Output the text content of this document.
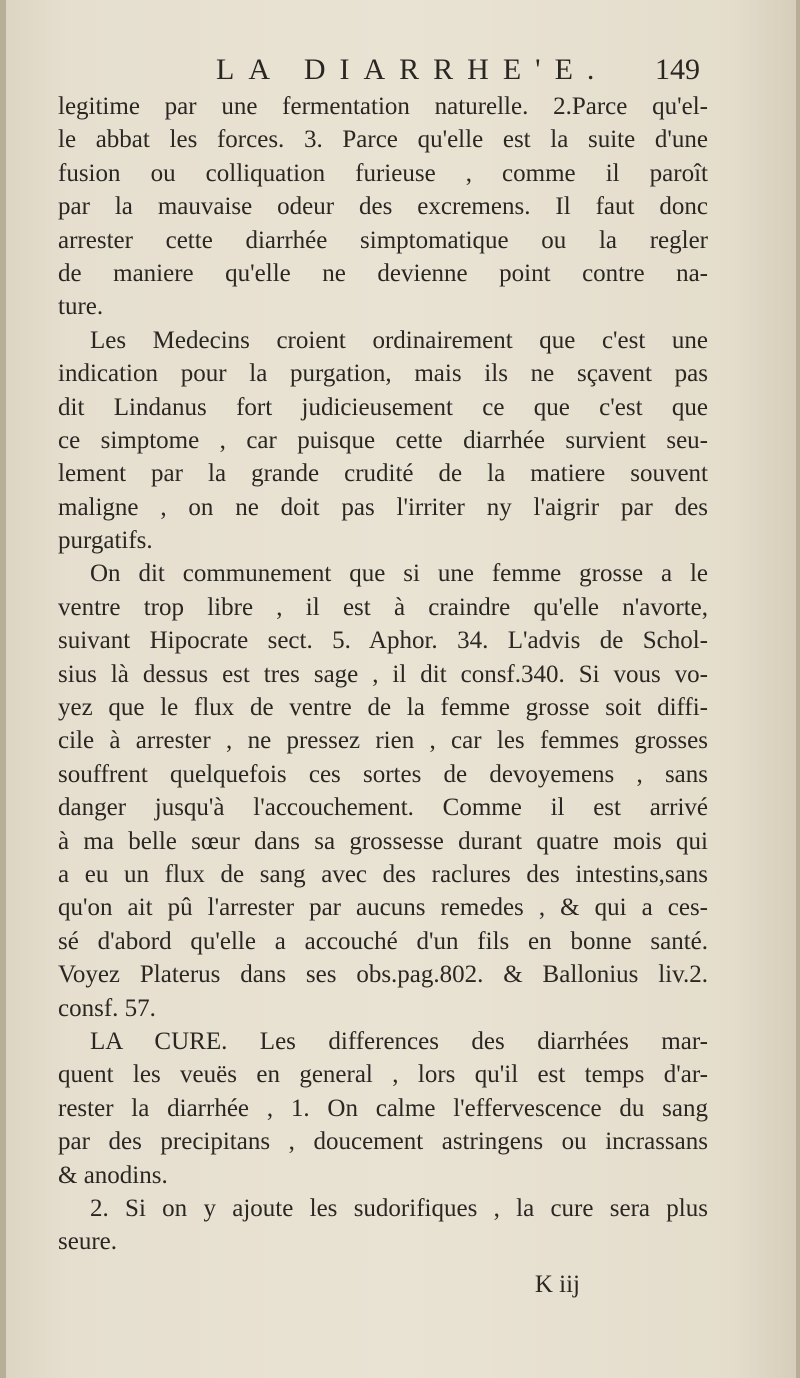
LA DIARRHE'E. 149
legitime par une fermentation naturelle. 2.Parce qu'el-
le abbat les forces. 3. Parce qu'elle est la suite d'une
fusion ou colliquation furieuse , comme il paroît
par la mauvaise odeur des excremens. Il faut donc
arrester cette diarrhée simptomatique ou la regler
de maniere qu'elle ne devienne point contre na-
ture.
Les Medecins croient ordinairement que c'est une
indication pour la purgation, mais ils ne sçavent pas
dit Lindanus fort judicieusement ce que c'est que
ce simptome , car puisque cette diarrhée survient seu-
lement par la grande crudité de la matiere souvent
maligne , on ne doit pas l'irriter ny l'aigrir par des
purgatifs.
On dit communement que si une femme grosse a le
ventre trop libre , il est à craindre qu'elle n'avorte,
suivant Hipocrate sect. 5. Aphor. 34. L'advis de Schol-
sius là dessus est tres sage , il dit consf.340. Si vous vo-
yez que le flux de ventre de la femme grosse soit diffi-
cile à arrester , ne pressez rien , car les femmes grosses
souffrent quelquefois ces sortes de devoyemens , sans
danger jusqu'à l'accouchement. Comme il est arrivé
à ma belle sœur dans sa grossesse durant quatre mois qui
a eu un flux de sang avec des raclures des intestins,sans
qu'on ait pû l'arrester par aucuns remedes , & qui a ces-
sé d'abord qu'elle a accouché d'un fils en bonne santé.
Voyez Platerus dans ses obs.pag.802. & Ballonius liv.2.
consf. 57.
LA CURE. Les differences des diarrhées mar-
quent les veuës en general , lors qu'il est temps d'ar-
rester la diarrhée , 1. On calme l'effervescence du sang
par des precipitans , doucement astringens ou incrassans
& anodins.
2. Si on y ajoute les sudorifiques , la cure sera plus
seure.
K iij
